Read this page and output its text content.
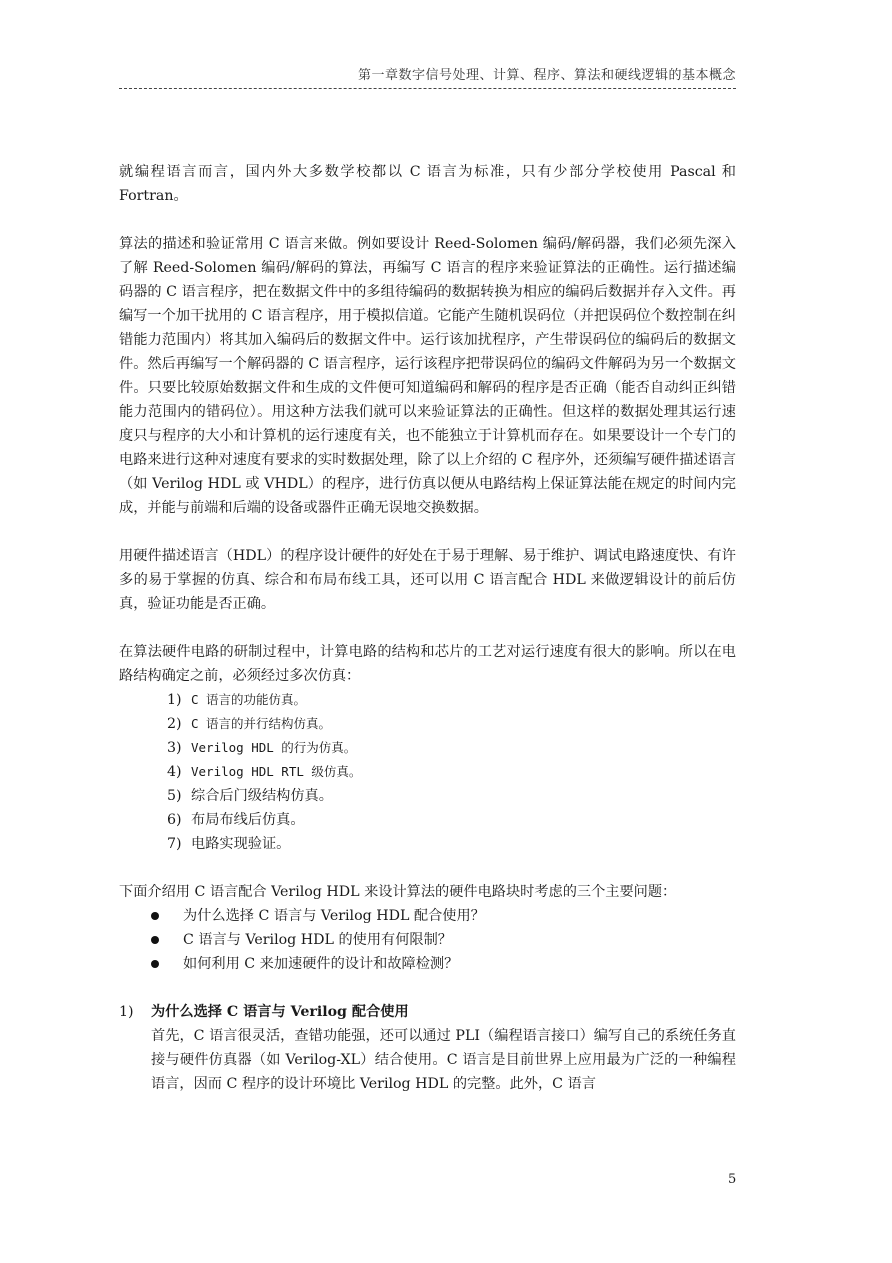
第一章数字信号处理、计算、程序、算法和硬线逻辑的基本概念

就编程语言而言，国内外大多数学校都以 C 语言为标准，只有少部分学校使用 Pascal 和 Fortran。

算法的描述和验证常用 C 语言来做。例如要设计 Reed-Solomen 编码/解码器，我们必须先深入了解 Reed-Solomen 编码/解码的算法，再编写 C 语言的程序来验证算法的正确性。运行描述编码器的 C 语言程序，把在数据文件中的多组待编码的数据转换为相应的编码后数据并存入文件。再编写一个加干扰用的 C 语言程序，用于模拟信道。它能产生随机误码位（并把误码位个数控制在纠错能力范围内）将其加入编码后的数据文件中。运行该加扰程序，产生带误码位的编码后的数据文件。然后再编写一个解码器的 C 语言程序，运行该程序把带误码位的编码文件解码为另一个数据文件。只要比较原始数据文件和生成的文件便可知道编码和解码的程序是否正确（能否自动纠正纠错能力范围内的错码位）。用这种方法我们就可以来验证算法的正确性。但这样的数据处理其运行速度只与程序的大小和计算机的运行速度有关，也不能独立于计算机而存在。如果要设计一个专门的电路来进行这种对速度有要求的实时数据处理，除了以上介绍的 C 程序外，还须编写硬件描述语言（如 Verilog HDL 或 VHDL）的程序，进行仿真以便从电路结构上保证算法能在规定的时间内完成，并能与前端和后端的设备或器件正确无误地交换数据。

用硬件描述语言（HDL）的程序设计硬件的好处在于易于理解、易于维护、调试电路速度快、有许多的易于掌握的仿真、综合和布局布线工具，还可以用 C 语言配合 HDL 来做逻辑设计的前后仿真，验证功能是否正确。

在算法硬件电路的研制过程中，计算电路的结构和芯片的工艺对运行速度有很大的影响。所以在电路结构确定之前，必须经过多次仿真：

1) C 语言的功能仿真。
2) C 语言的并行结构仿真。
3) Verilog HDL 的行为仿真。
4) Verilog HDL RTL 级仿真。
5) 综合后门级结构仿真。
6) 布局布线后仿真。
7) 电路实现验证。

下面介绍用 C 语言配合 Verilog HDL 来设计算法的硬件电路块时考虑的三个主要问题：

为什么选择 C 语言与 Verilog HDL 配合使用？
C 语言与 Verilog HDL 的使用有何限制？
如何利用 C 来加速硬件的设计和故障检测？
1)	为什么选择 C 语言与 Verilog 配合使用

首先，C 语言很灵活，查错功能强，还可以通过 PLI（编程语言接口）编写自己的系统任务直接与硬件仿真器（如 Verilog-XL）结合使用。C 语言是目前世界上应用最为广泛的一种编程语言，因而 C 程序的设计环境比 Verilog HDL 的完整。此外，C 语言

5
